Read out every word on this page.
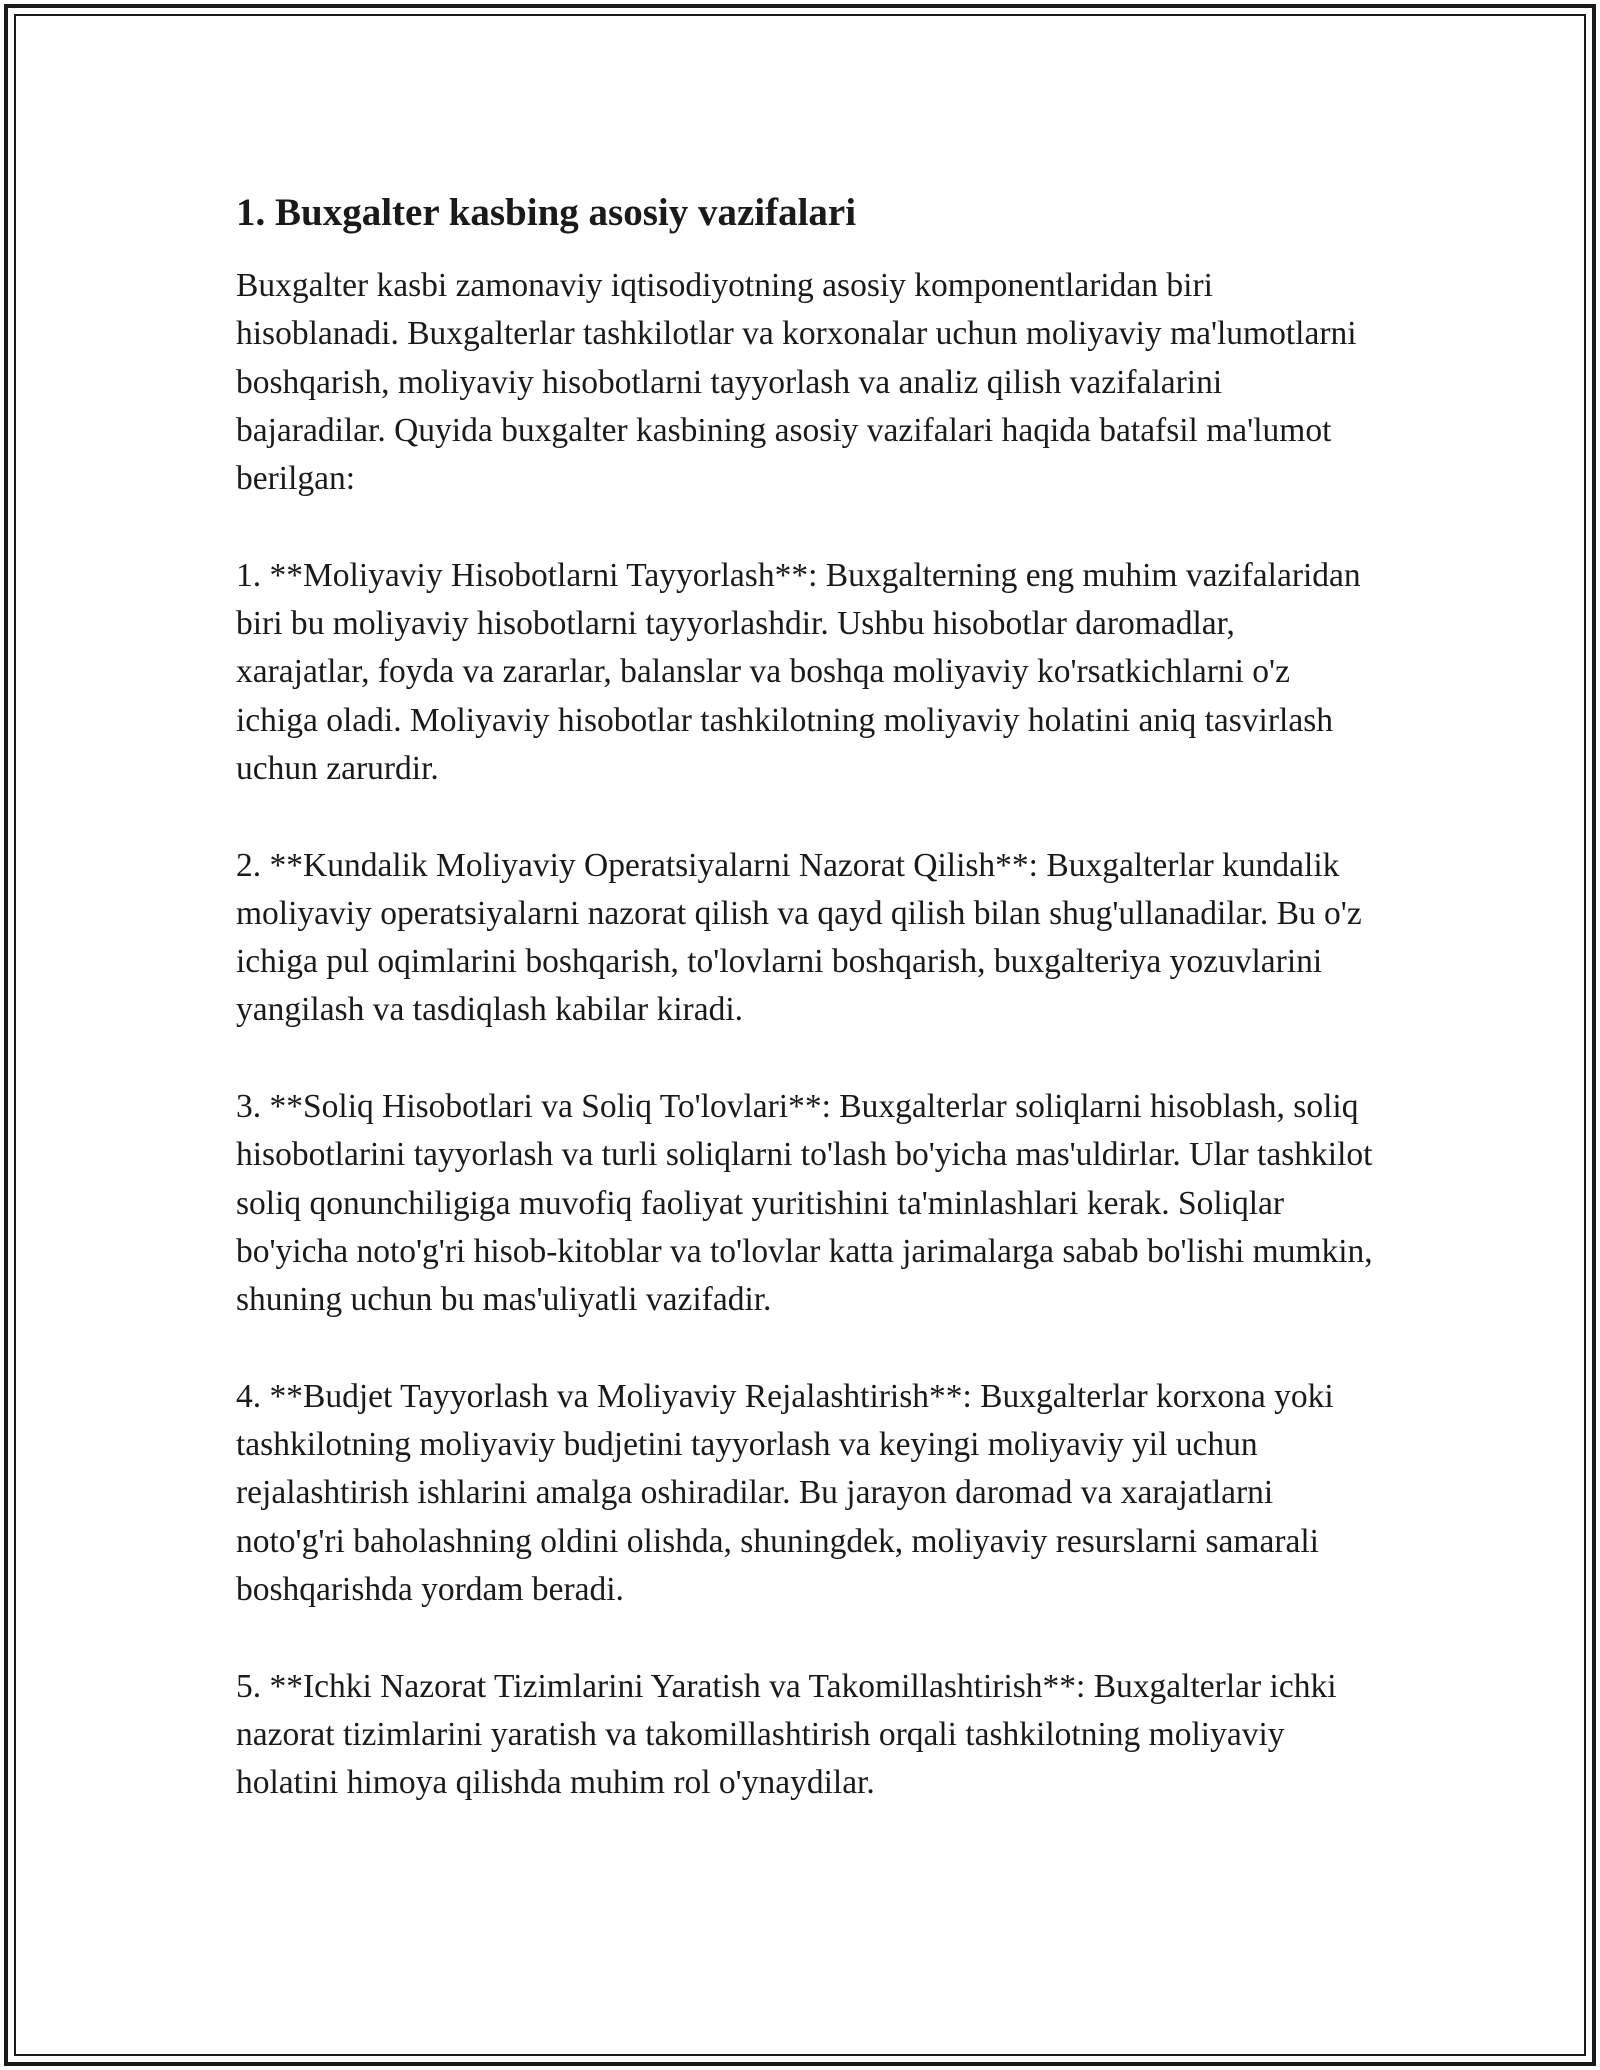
1. Buxgalter kasbing asosiy vazifalari

Buxgalter kasbi zamonaviy iqtisodiyotning asosiy komponentlaridan biri hisoblanadi. Buxgalterlar tashkilotlar va korxonalar uchun moliyaviy ma'lumotlarni boshqarish, moliyaviy hisobotlarni tayyorlash va analiz qilish vazifalarini bajaradilar. Quyida buxgalter kasbining asosiy vazifalari haqida batafsil ma'lumot berilgan:

1. **Moliyaviy Hisobotlarni Tayyorlash**: Buxgalterning eng muhim vazifalaridan biri bu moliyaviy hisobotlarni tayyorlashdir. Ushbu hisobotlar daromadlar, xarajatlar, foyda va zararlar, balanslar va boshqa moliyaviy ko'rsatkichlarni o'z ichiga oladi. Moliyaviy hisobotlar tashkilotning moliyaviy holatini aniq tasvirlash uchun zarurdir.

2. **Kundalik Moliyaviy Operatsiyalarni Nazorat Qilish**: Buxgalterlar kundalik moliyaviy operatsiyalarni nazorat qilish va qayd qilish bilan shug'ullanadilar. Bu o'z ichiga pul oqimlarini boshqarish, to'lovlarni boshqarish, buxgalteriya yozuvlarini yangilash va tasdiqlash kabilar kiradi.

3. **Soliq Hisobotlari va Soliq To'lovlari**: Buxgalterlar soliqlarni hisoblash, soliq hisobotlarini tayyorlash va turli soliqlarni to'lash bo'yicha mas'uldirlar. Ular tashkilot soliq qonunchiligiga muvofiq faoliyat yuritishini ta'minlashlari kerak. Soliqlar bo'yicha noto'g'ri hisob-kitoblar va to'lovlar katta jarimalarga sabab bo'lishi mumkin, shuning uchun bu mas'uliyatli vazifadir.

4. **Budjet Tayyorlash va Moliyaviy Rejalashtirish**: Buxgalterlar korxona yoki tashkilotning moliyaviy budjetini tayyorlash va keyingi moliyaviy yil uchun rejalashtirish ishlarini amalga oshiradilar. Bu jarayon daromad va xarajatlarni noto'g'ri baholashning oldini olishda, shuningdek, moliyaviy resurslarni samarali boshqarishda yordam beradi.

5. **Ichki Nazorat Tizimlarini Yaratish va Takomillashtirish**: Buxgalterlar ichki nazorat tizimlarini yaratish va takomillashtirish orqali tashkilotning moliyaviy holatini himoya qilishda muhim rol o'ynaydilar.
